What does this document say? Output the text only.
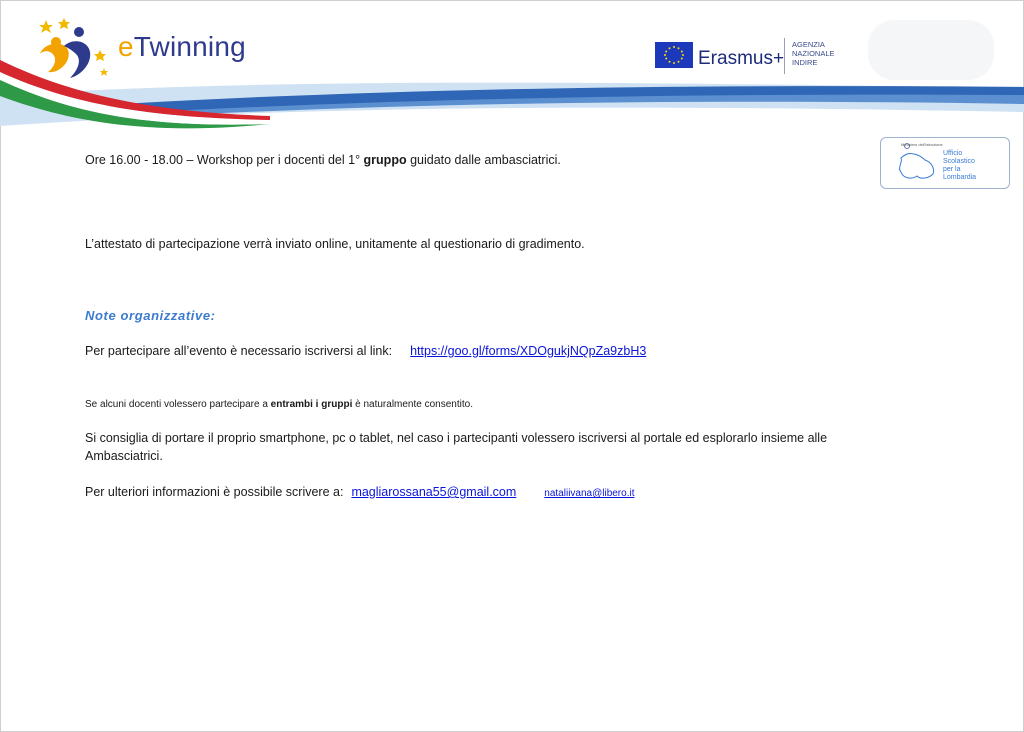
eTwinning	Erasmus+
AGENZIA
NAZIONALE
INDIRE
Ministero dell'Istruzione
Ufficio
Scolastico
per la
Lombardia
Ore 16.00 - 18.00 – Workshop per i docenti del 1° gruppo guidato dalle ambasciatrici.
L’attestato di partecipazione verrà inviato online, unitamente al questionario di gradimento.
Note organizzative:
Per partecipare all’evento è necessario iscriversi al link: https://goo.gl/forms/XDOgukjNQpZa9zbH3
Se alcuni docenti volessero partecipare a entrambi i gruppi è naturalmente consentito.
Si consiglia di portare il proprio smartphone, pc o tablet, nel caso i partecipanti volessero iscriversi al portale ed esplorarlo insieme alle
Ambasciatrici.
Per ulteriori informazioni è possibile scrivere a: magliarossana55@gmail.com	nataliivana@libero.it
